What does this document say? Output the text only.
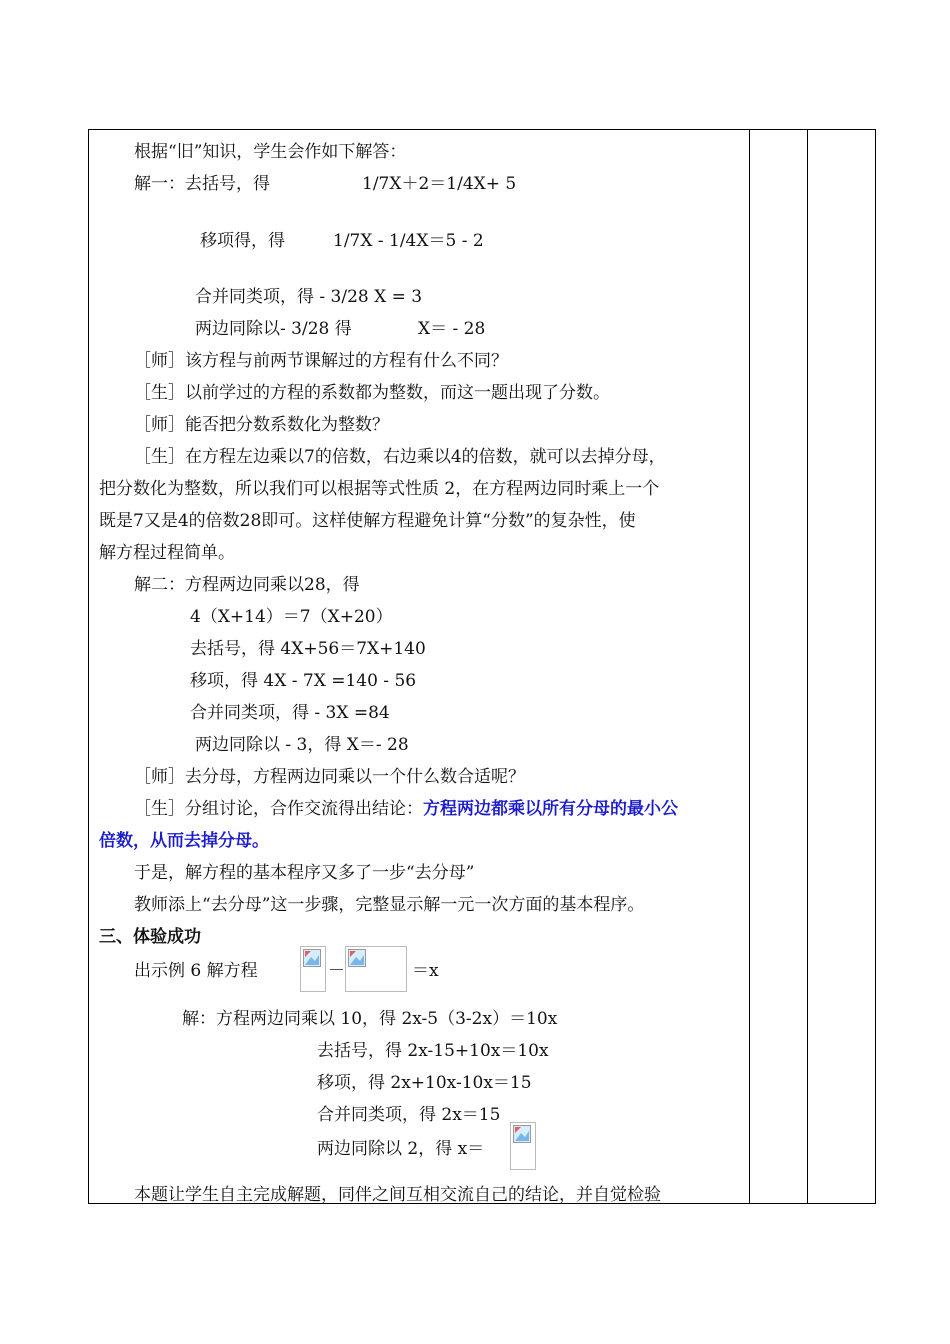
根据“旧”知识，学生会作如下解答：
解一：去括号，得	1/7X＋2＝1/4X+ 5
移项得，得	1/7X - 1/4X＝5 - 2
合并同类项，得 - 3/28 X = 3
两边同除以- 3/28 得	X＝ - 28
［师］该方程与前两节课解过的方程有什么不同？
［生］以前学过的方程的系数都为整数，而这一题出现了分数。
［师］能否把分数系数化为整数？
［生］在方程左边乘以7的倍数，右边乘以4的倍数，就可以去掉分母，
把分数化为整数，所以我们可以根据等式性质 2，在方程两边同时乘上一个
既是7又是4的倍数28即可。这样使解方程避免计算“分数”的复杂性，使
解方程过程简单。
解二：方程两边同乘以28，得
4（X+14）＝7（X+20）
去括号，得 4X+56＝7X+140
移项，得 4X - 7X =140 - 56
合并同类项，得 - 3X =84
两边同除以 - 3，得 X＝- 28
［师］去分母，方程两边同乘以一个什么数合适呢？
［生］分组讨论，合作交流得出结论：方程两边都乘以所有分母的最小公
倍数，从而去掉分母。
于是，解方程的基本程序又多了一步“去分母”
教师添上“去分母”这一步骤，完整显示解一元一次方面的基本程序。
三、体验成功
出示例 6 解方程	－	＝x
解：方程两边同乘以 10，得 2x-5（3-2x）＝10x
去括号，得 2x-15+10x＝10x
移项，得 2x+10x-10x＝15
合并同类项，得 2x＝15
两边同除以 2，得 x＝
本题让学生自主完成解题，同伴之间互相交流自己的结论，并自觉检验
